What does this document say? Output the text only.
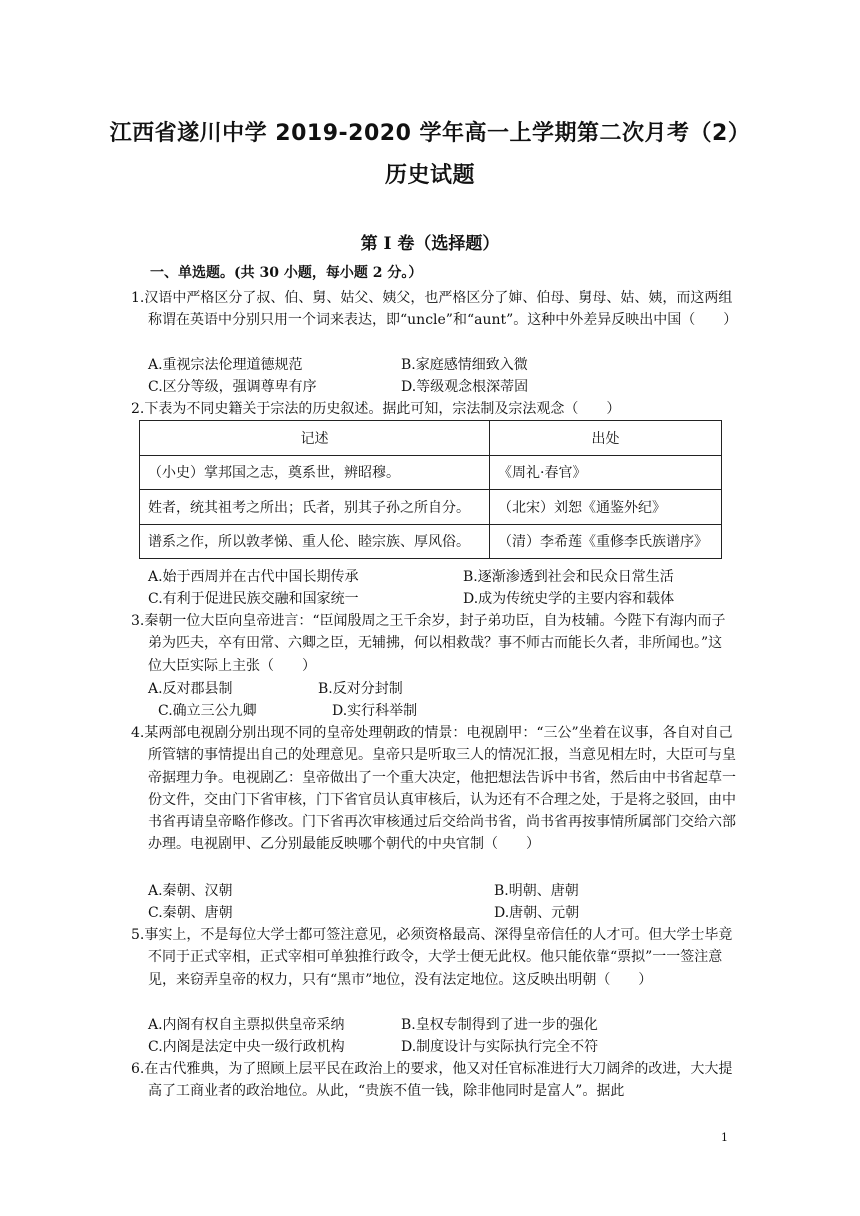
江西省遂川中学 2019-2020 学年高一上学期第二次月考（2）
历史试题
第 I 卷（选择题）
一、单选题。(共 30 小题，每小题 2 分。）

1.汉语中严格区分了叔、伯、舅、姑父、姨父，也严格区分了婶、伯母、舅母、姑、姨，而这两组称谓在英语中分别只用一个词来表达，即“uncle”和“aunt”。这种中外差异反映出中国（　　）

A.重视宗法伦理道德规范	B.家庭感情细致入微
C.区分等级，强调尊卑有序	D.等级观念根深蒂固

2.下表为不同史籍关于宗法的历史叙述。据此可知，宗法制及宗法观念（　　）

记述	出处
（小史）掌邦国之志，奠系世，辨昭穆。	《周礼·春官》
姓者，统其祖考之所出；氏者，别其子孙之所自分。	（北宋）刘恕《通鉴外纪》
谱系之作，所以敦孝悌、重人伦、睦宗族、厚风俗。	（清）李希莲《重修李氏族谱序》
A.始于西周并在古代中国长期传承	B.逐渐渗透到社会和民众日常生活
C.有利于促进民族交融和国家统一	D.成为传统史学的主要内容和载体

3.秦朝一位大臣向皇帝进言：“臣闻殷周之王千余岁，封子弟功臣，自为枝辅。今陛下有海内而子弟为匹夫，卒有田常、六卿之臣，无辅拂，何以相救哉？事不师古而能长久者，非所闻也。”这位大臣实际上主张（　　）

A.反对郡县制	B.反对分封制
C.确立三公九卿	D.实行科举制

4.某两部电视剧分别出现不同的皇帝处理朝政的情景：电视剧甲：“三公”坐着在议事，各自对自己所管辖的事情提出自己的处理意见。皇帝只是听取三人的情况汇报，当意见相左时，大臣可与皇帝据理力争。电视剧乙：皇帝做出了一个重大决定，他把想法告诉中书省，然后由中书省起草一份文件，交由门下省审核，门下省官员认真审核后，认为还有不合理之处，于是将之驳回，由中书省再请皇帝略作修改。门下省再次审核通过后交给尚书省，尚书省再按事情所属部门交给六部办理。电视剧甲、乙分别最能反映哪个朝代的中央官制（　　）

A.秦朝、汉朝	B.明朝、唐朝
C.秦朝、唐朝	D.唐朝、元朝

5.事实上，不是每位大学士都可签注意见，必须资格最高、深得皇帝信任的人才可。但大学士毕竟不同于正式宰相，正式宰相可单独推行政令，大学士便无此权。他只能依靠“票拟”一一签注意见，来窃弄皇帝的权力，只有“黑市”地位，没有法定地位。这反映出明朝（　　）

A.内阁有权自主票拟供皇帝采纳	B.皇权专制得到了进一步的强化
C.内阁是法定中央一级行政机构	D.制度设计与实际执行完全不符

6.在古代雅典，为了照顾上层平民在政治上的要求，他又对任官标准进行大刀阔斧的改进，大大提高了工商业者的政治地位。从此，“贵族不值一钱，除非他同时是富人”。据此

1
